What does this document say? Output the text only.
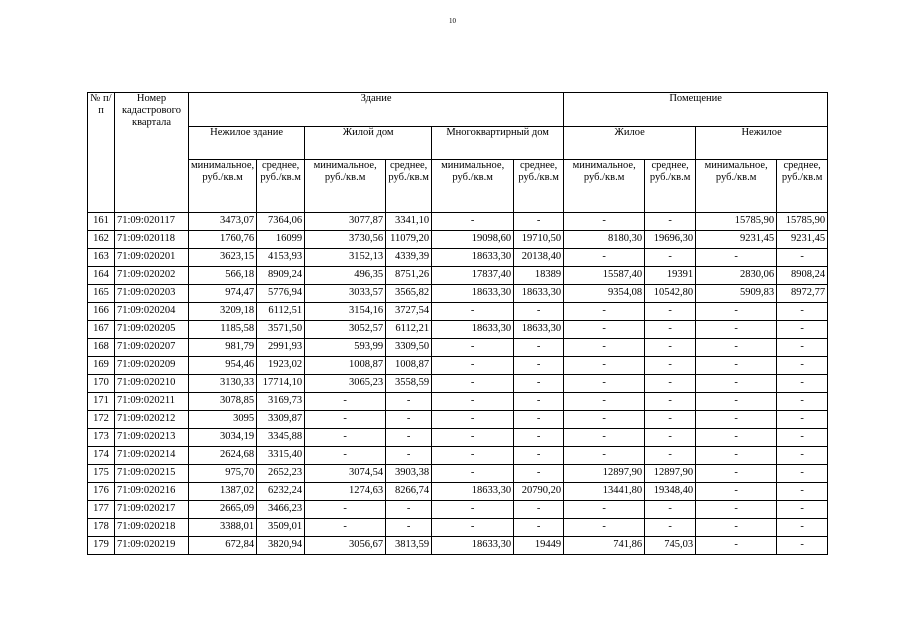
10
№ п/п	Номер кадастрового квартала	Здание						Помещение			
		Нежилое здание		Жилой дом		Многоквартирный дом		Жилое		Нежилое	
		минимальное, руб./кв.м	среднее, руб./кв.м	минимальное, руб./кв.м	среднее, руб./кв.м	минимальное, руб./кв.м	среднее, руб./кв.м	минимальное, руб./кв.м	среднее, руб./кв.м	минимальное, руб./кв.м	среднее, руб./кв.м
161	71:09:020117	3473,07	7364,06	3077,87	3341,10	-	-	-	-	15785,90	15785,90
162	71:09:020118	1760,76	16099	3730,56	11079,20	19098,60	19710,50	8180,30	19696,30	9231,45	9231,45
163	71:09:020201	3623,15	4153,93	3152,13	4339,39	18633,30	20138,40	-	-	-	-
164	71:09:020202	566,18	8909,24	496,35	8751,26	17837,40	18389	15587,40	19391	2830,06	8908,24
165	71:09:020203	974,47	5776,94	3033,57	3565,82	18633,30	18633,30	9354,08	10542,80	5909,83	8972,77
166	71:09:020204	3209,18	6112,51	3154,16	3727,54	-	-	-	-	-	-
167	71:09:020205	1185,58	3571,50	3052,57	6112,21	18633,30	18633,30	-	-	-	-
168	71:09:020207	981,79	2991,93	593,99	3309,50	-	-	-	-	-	-
169	71:09:020209	954,46	1923,02	1008,87	1008,87	-	-	-	-	-	-
170	71:09:020210	3130,33	17714,10	3065,23	3558,59	-	-	-	-	-	-
171	71:09:020211	3078,85	3169,73	-	-	-	-	-	-	-	-
172	71:09:020212	3095	3309,87	-	-	-	-	-	-	-	-
173	71:09:020213	3034,19	3345,88	-	-	-	-	-	-	-	-
174	71:09:020214	2624,68	3315,40	-	-	-	-	-	-	-	-
175	71:09:020215	975,70	2652,23	3074,54	3903,38	-	-	12897,90	12897,90	-	-
176	71:09:020216	1387,02	6232,24	1274,63	8266,74	18633,30	20790,20	13441,80	19348,40	-	-
177	71:09:020217	2665,09	3466,23	-	-	-	-	-	-	-	-
178	71:09:020218	3388,01	3509,01	-	-	-	-	-	-	-	-
179	71:09:020219	672,84	3820,94	3056,67	3813,59	18633,30	19449	741,86	745,03	-	-
